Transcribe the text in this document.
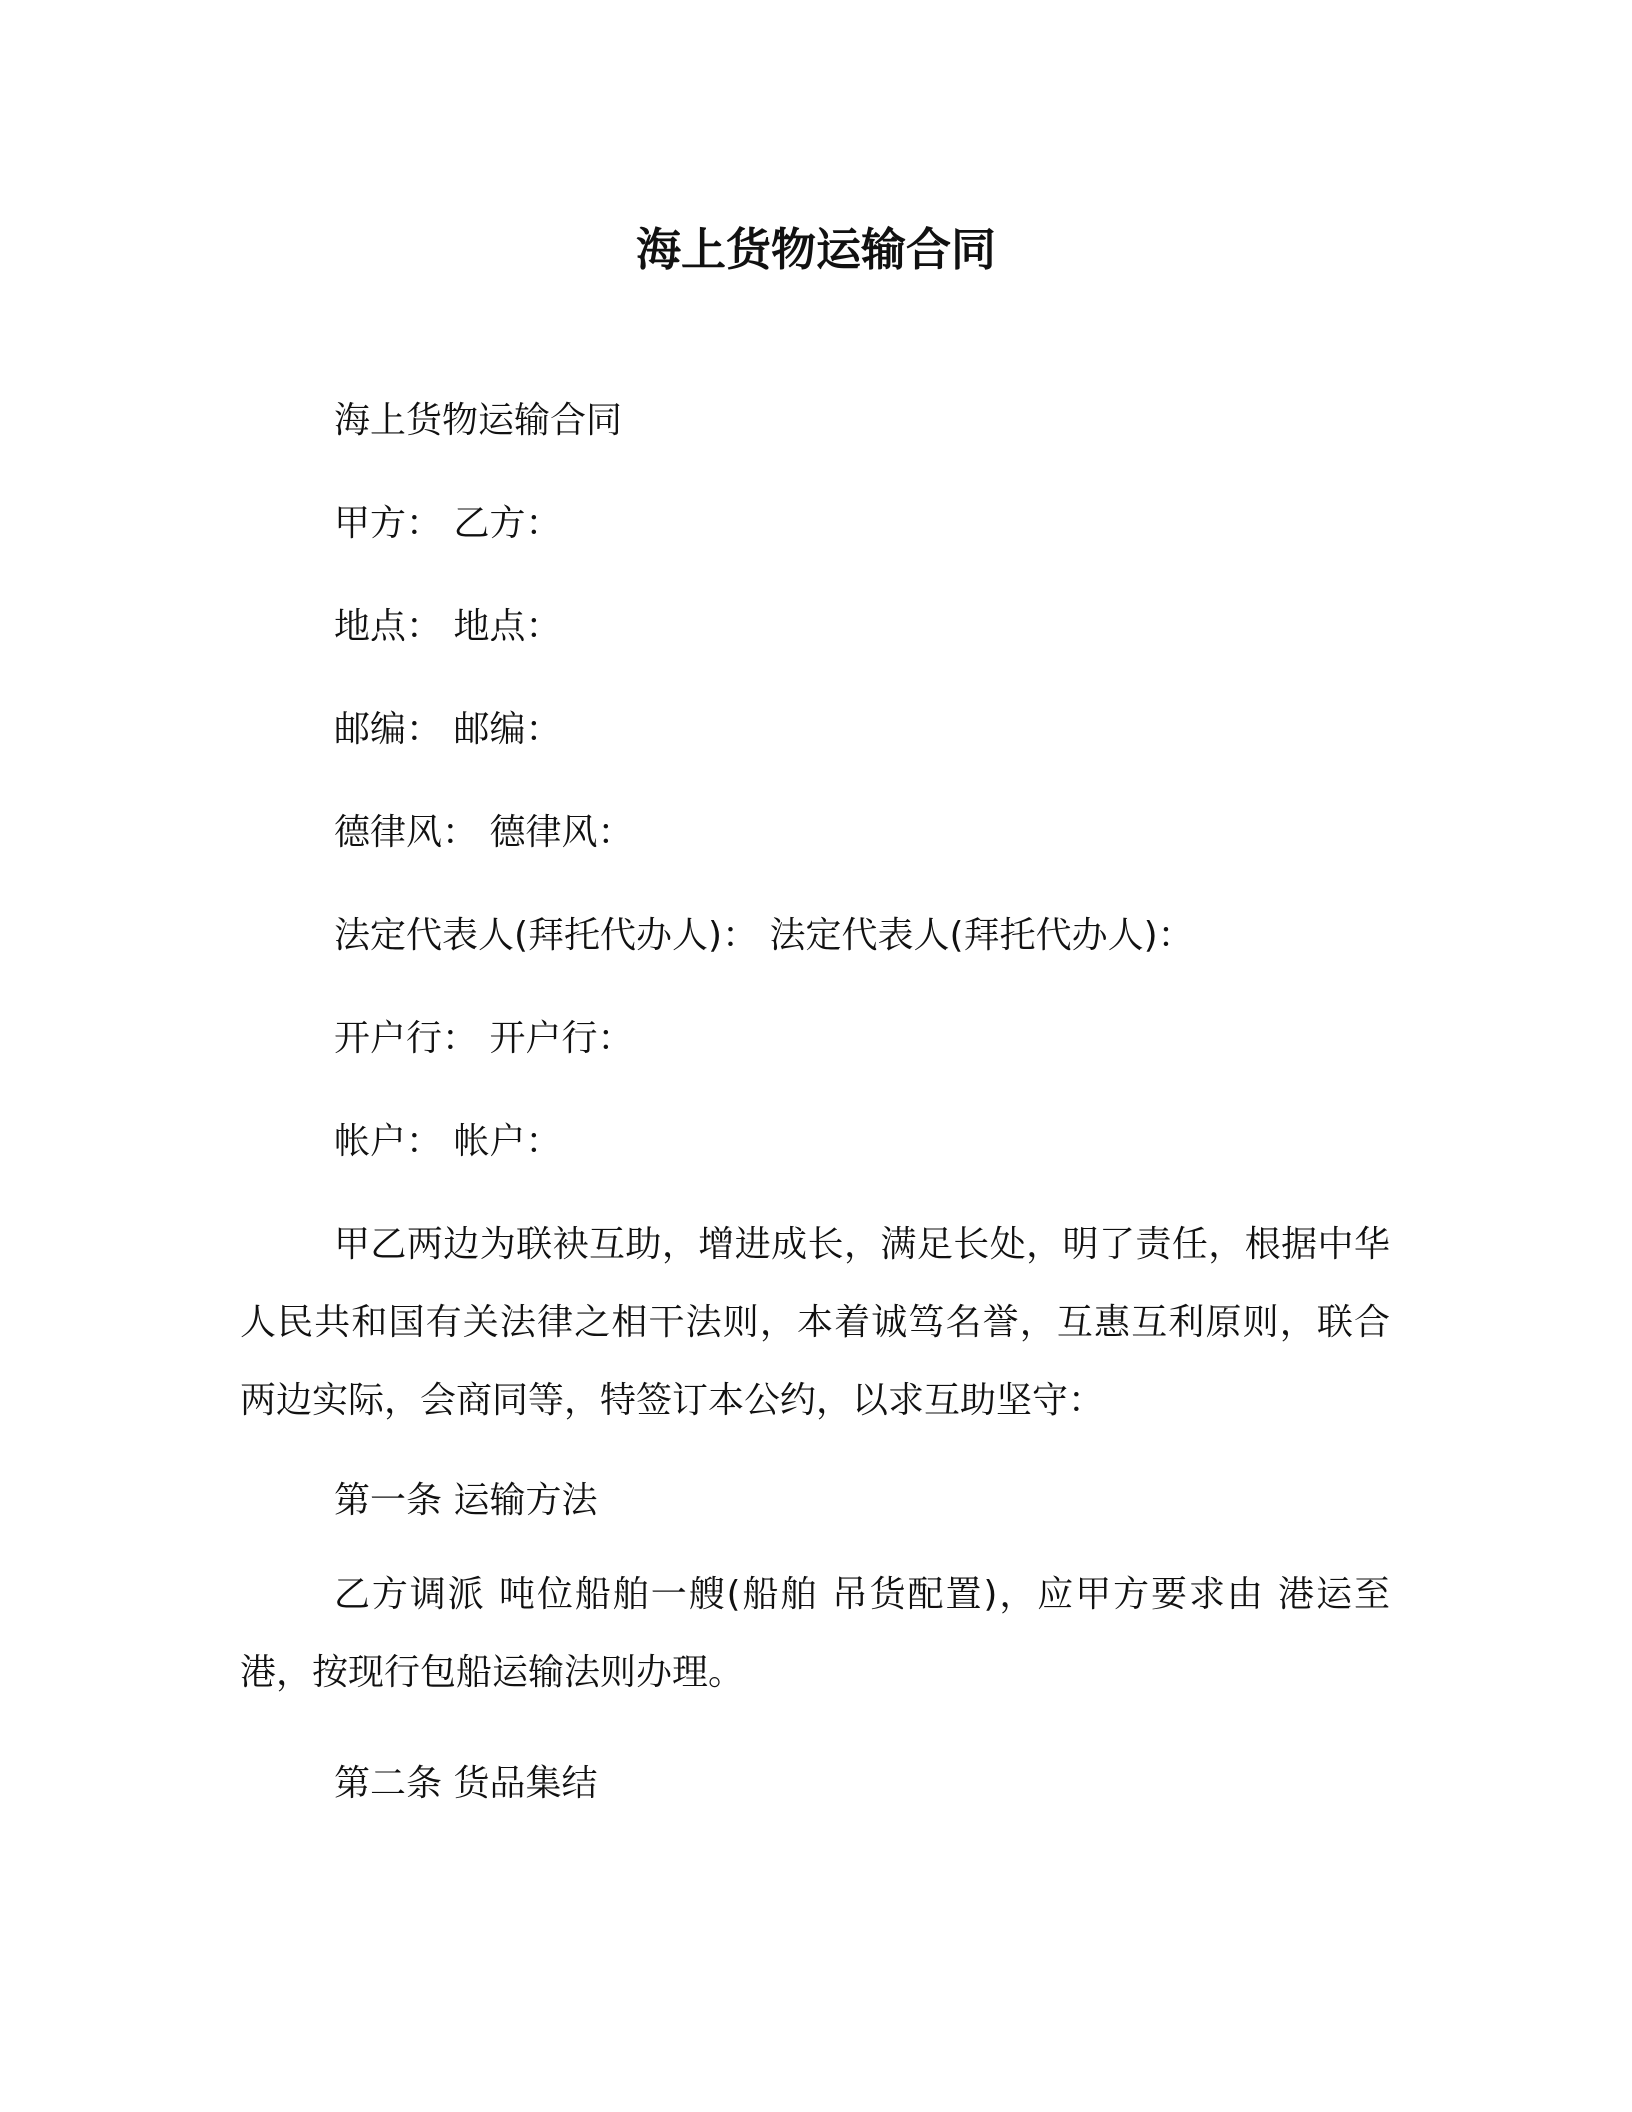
海上货物运输合同
海上货物运输合同
甲方： 乙方：
地点： 地点：
邮编： 邮编：
德律风： 德律风：
法定代表人(拜托代办人)： 法定代表人(拜托代办人)：
开户行： 开户行：
帐户： 帐户：
甲乙两边为联袂互助，增进成长，满足长处，明了责任，根据中华人民共和国有关法律之相干法则，本着诚笃名誉，互惠互利原则，联合两边实际，会商同等，特签订本公约，以求互助坚守：
第一条 运输方法
乙方调派 吨位船舶一艘(船舶 吊货配置)，应甲方要求由 港运至港，按现行包船运输法则办理。
第二条 货品集结
